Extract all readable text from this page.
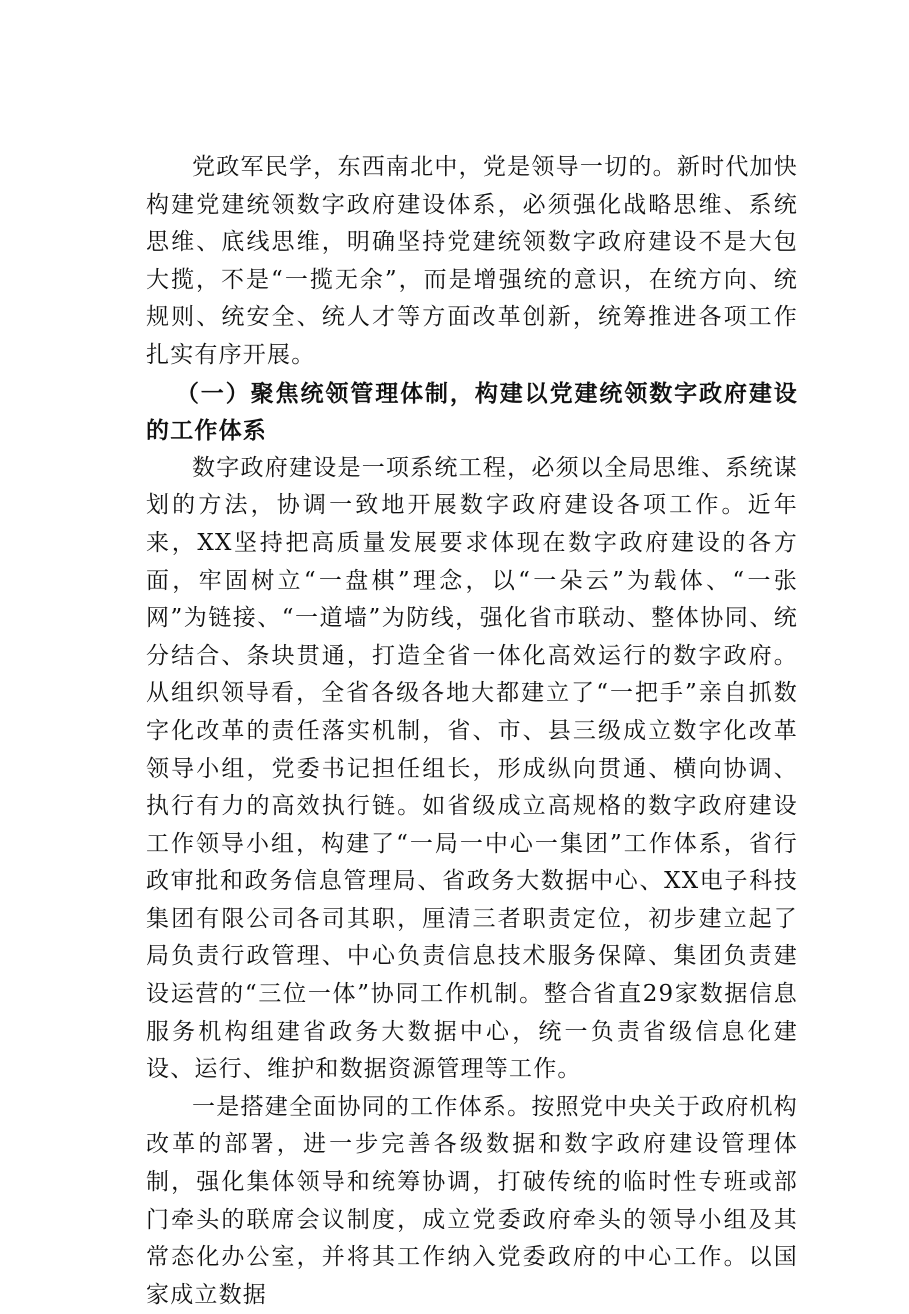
党政军民学，东西南北中，党是领导一切的。新时代加快构建党建统领数字政府建设体系，必须强化战略思维、系统思维、底线思维，明确坚持党建统领数字政府建设不是大包大揽，不是“一揽无余”，而是增强统的意识，在统方向、统规则、统安全、统人才等方面改革创新，统筹推进各项工作扎实有序开展。

（一）聚焦统领管理体制，构建以党建统领数字政府建设的工作体系

数字政府建设是一项系统工程，必须以全局思维、系统谋划的方法，协调一致地开展数字政府建设各项工作。近年来，XX坚持把高质量发展要求体现在数字政府建设的各方面，牢固树立“一盘棋”理念，以“一朵云”为载体、“一张网”为链接、“一道墙”为防线，强化省市联动、整体协同、统分结合、条块贯通，打造全省一体化高效运行的数字政府。从组织领导看，全省各级各地大都建立了“一把手”亲自抓数字化改革的责任落实机制，省、市、县三级成立数字化改革领导小组，党委书记担任组长，形成纵向贯通、横向协调、执行有力的高效执行链。如省级成立高规格的数字政府建设工作领导小组，构建了“一局一中心一集团”工作体系，省行政审批和政务信息管理局、省政务大数据中心、XX电子科技集团有限公司各司其职，厘清三者职责定位，初步建立起了局负责行政管理、中心负责信息技术服务保障、集团负责建设运营的“三位一体”协同工作机制。整合省直29家数据信息服务机构组建省政务大数据中心，统一负责省级信息化建设、运行、维护和数据资源管理等工作。

一是搭建全面协同的工作体系。按照党中央关于政府机构改革的部署，进一步完善各级数据和数字政府建设管理体制，强化集体领导和统筹协调，打破传统的临时性专班或部门牵头的联席会议制度，成立党委政府牵头的领导小组及其常态化办公室，并将其工作纳入党委政府的中心工作。以国家成立数据
